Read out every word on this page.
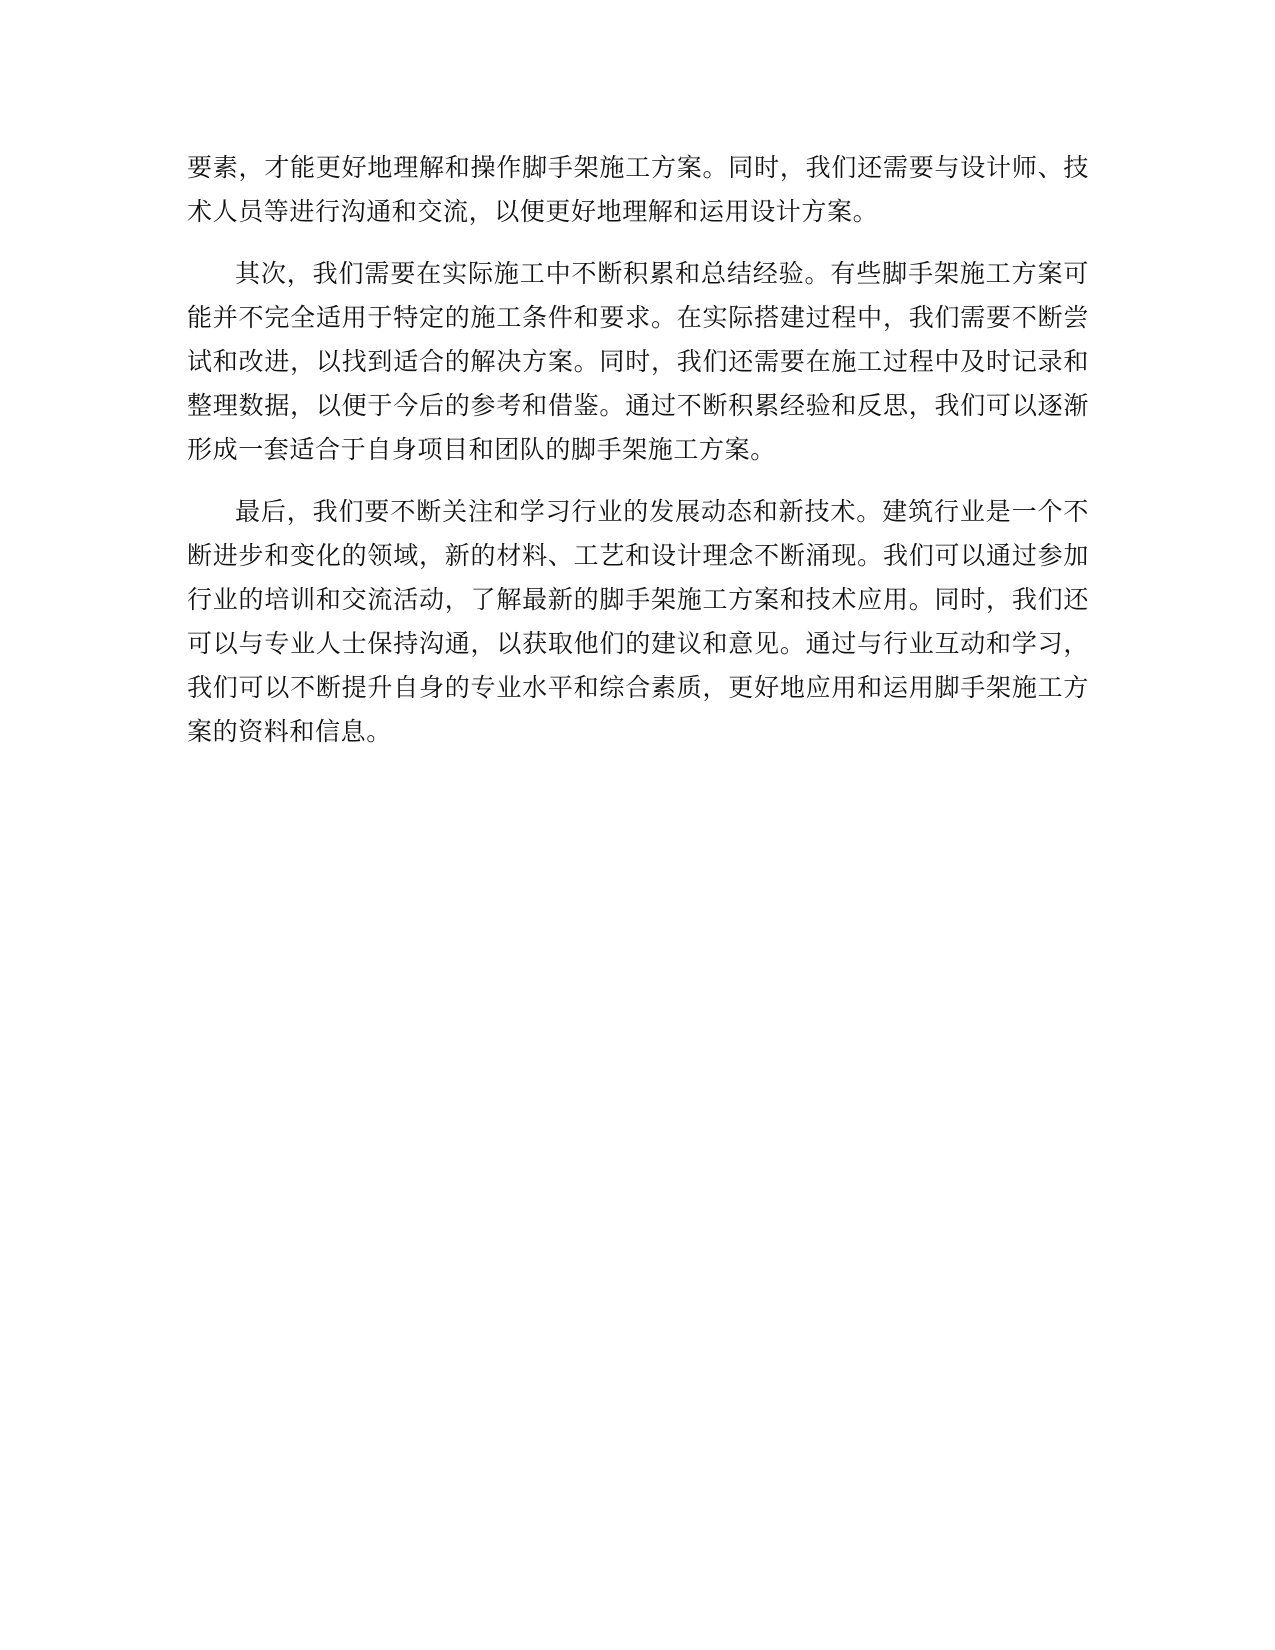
要素，才能更好地理解和操作脚手架施工方案。同时，我们还需要与设计师、技术人员等进行沟通和交流，以便更好地理解和运用设计方案。

其次，我们需要在实际施工中不断积累和总结经验。有些脚手架施工方案可能并不完全适用于特定的施工条件和要求。在实际搭建过程中，我们需要不断尝试和改进，以找到适合的解决方案。同时，我们还需要在施工过程中及时记录和整理数据，以便于今后的参考和借鉴。通过不断积累经验和反思，我们可以逐渐形成一套适合于自身项目和团队的脚手架施工方案。

最后，我们要不断关注和学习行业的发展动态和新技术。建筑行业是一个不断进步和变化的领域，新的材料、工艺和设计理念不断涌现。我们可以通过参加行业的培训和交流活动，了解最新的脚手架施工方案和技术应用。同时，我们还可以与专业人士保持沟通，以获取他们的建议和意见。通过与行业互动和学习，我们可以不断提升自身的专业水平和综合素质，更好地应用和运用脚手架施工方案的资料和信息。
